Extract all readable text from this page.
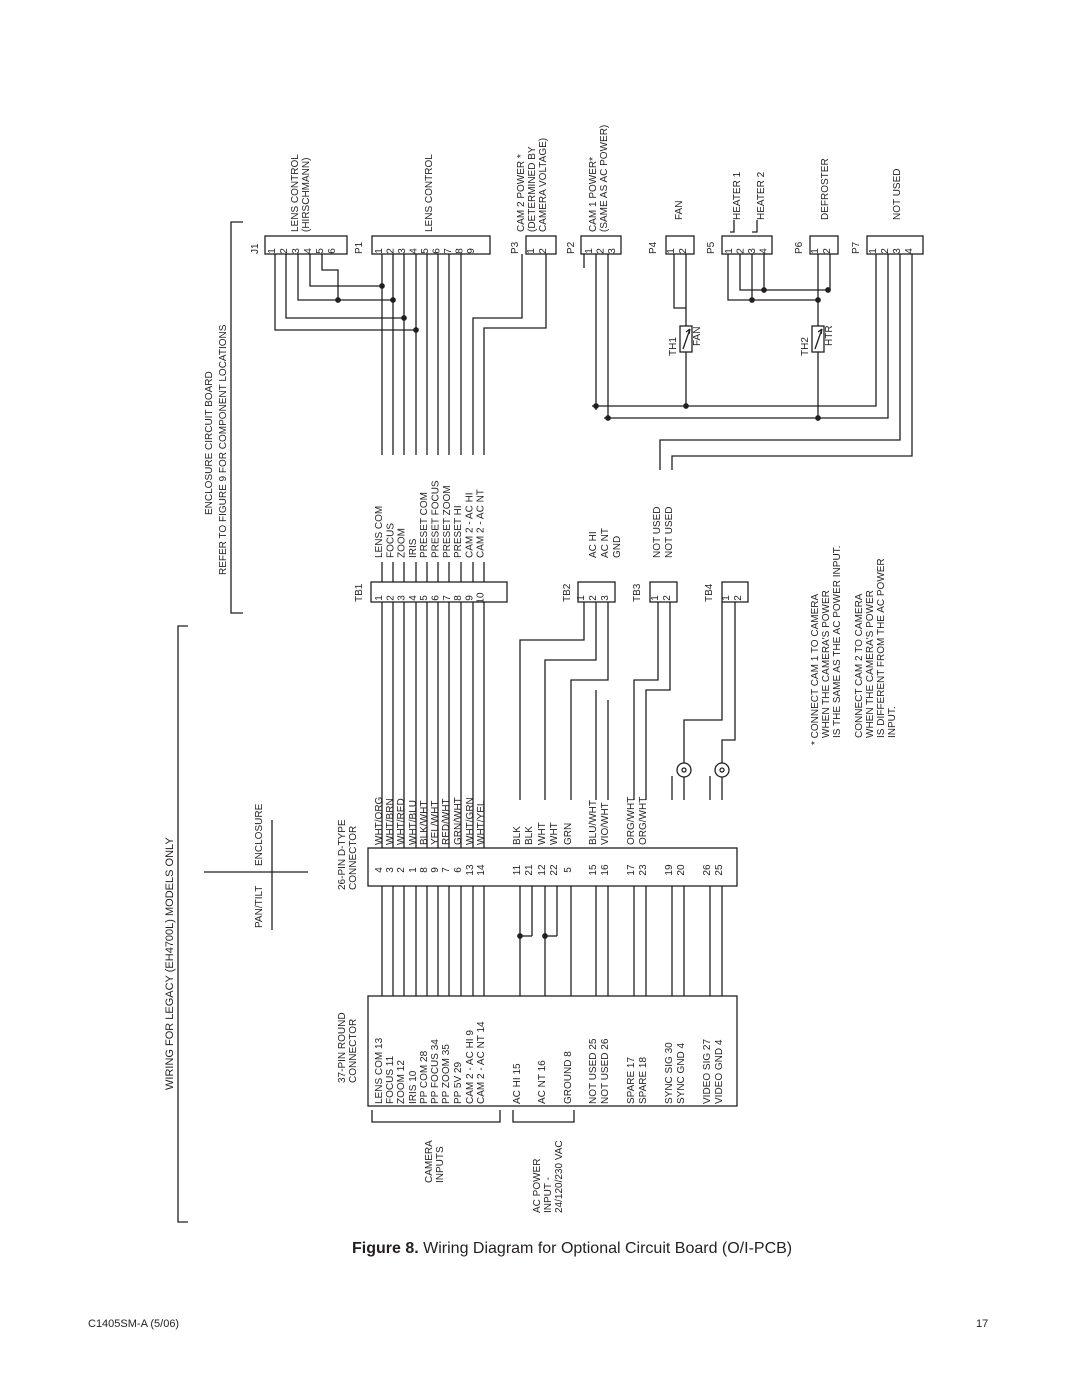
WIRING FOR LEGACY (EH4700L) MODELS ONLY
ENCLOSURE CIRCUIT BOARD REFER TO FIGURE 9 FOR COMPONENT LOCATIONS
PAN/TILT
ENCLOSURE
CAMERA INPUTS	AC POWER INPUT - 24/120/230 VAC
37-PIN ROUND CONNECTOR LENS COM 13 FOCUS 11 ZOOM 12 IRIS 10 PP COM 28 PP FOCUS 34 PP ZOOM 35 PP 5V 29 CAM 2 - AC HI 9 CAM 2 - AC NT 14	AC HI 15 AC NT 16 GROUND 8 NOT USED 25 NOT USED 26 SPARE 17 SPARE 18 SYNC SIG 30 SYNC GND 4 VIDEO SIG 27 VIDEO GND 4
26-PIN D-TYPE CONNECTOR 4 3 2 1 8 9 7 6 13 14	11 21 12 22 5 15 16 17 23 19 20 26 25
WHT/ORG WHT/BRN WHT/RED WHT/BLU BLK/WHT YEL/WHT RED/WHT GRN/WHT WHT/GRN WHT/YEL	BLK BLK WHT WHT GRN BLU/WHT VIO/WHT ORG/WHT ORG/WHT
TB1 1 2 3 4 5 6 7 8 9 10
LENS COM FOCUS ZOOM IRIS PRESET COM PRESET FOCUS PRESET ZOOM PRESET HI CAM 2 - AC HI CAM 2 - AC NT
TB2 1 2 3
AC HI AC NT GND
TB3 1 2
NOT USED NOT USED
TB4 1 2
J1 1 2 3 4 5 6
LENS CONTROL (HIRSCHMANN)
P1 1 2 3 4 5 6 7 8 9
LENS CONTROL
P3 1 2
CAM 2 POWER * (DETERMINED BY CAMERA VOLTAGE)
P2 1 2 3
CAM 1 POWER* (SAME AS AC POWER)
P4 1 2
FAN
P5 1 2 3 4
HEATER 1 HEATER 2
P6 1 2
DEFROSTER
P7 1 2 3 4
NOT USED
TH1
FAN
TH2
HTR
* CONNECT CAM 1 TO CAMERA WHEN THE CAMERA'S POWER IS THE SAME AS THE AC POWER INPUT. CONNECT CAM 2 TO CAMERA WHEN THE CAMERA'S POWER IS DIFFERENT FROM THE AC POWER INPUT.
Figure 8. Wiring Diagram for Optional Circuit Board (O/I-PCB)
C1405SM-A (5/06)	17
